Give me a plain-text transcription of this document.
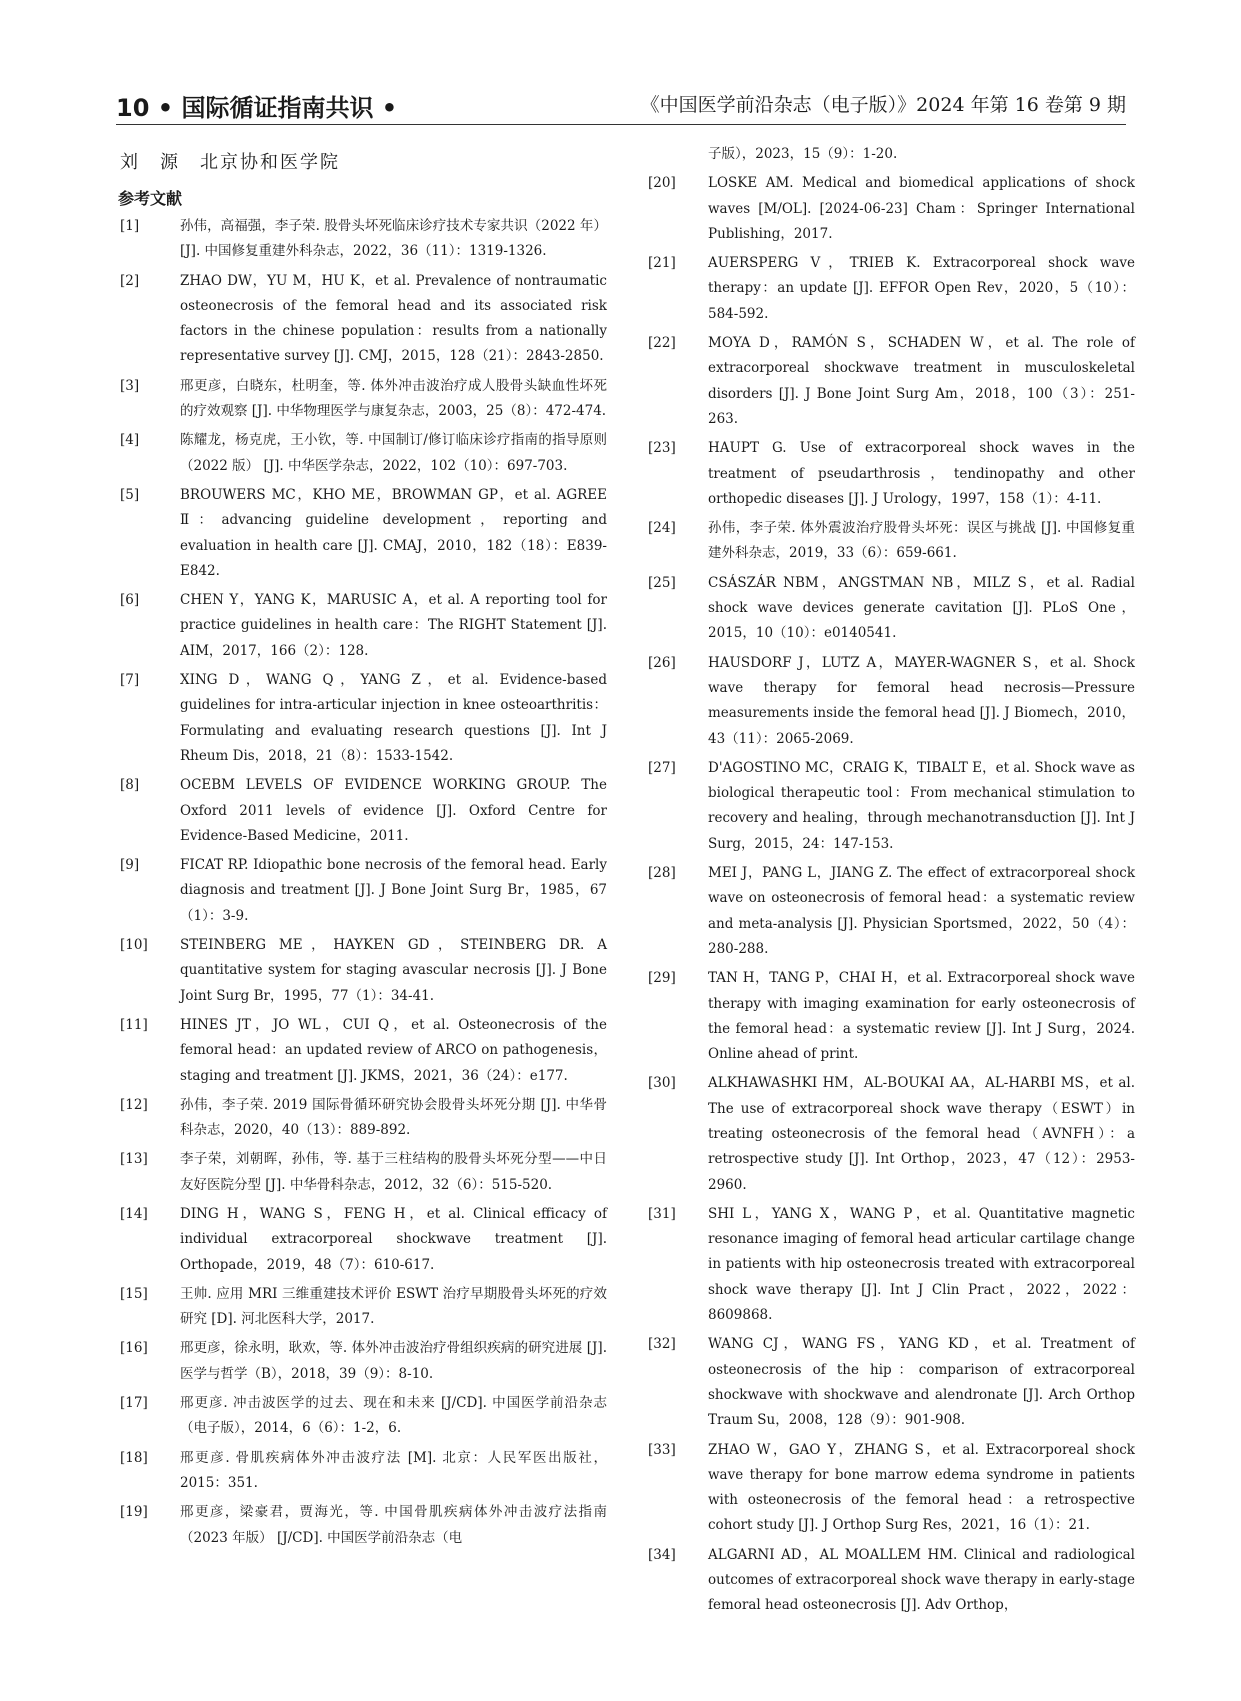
10 • 国际循证指南共识 •	《中国医学前沿杂志（电子版）》2024 年第 16 卷第 9 期
刘　源　北京协和医学院
参考文献
[1]	孙伟，高福强，李子荣. 股骨头坏死临床诊疗技术专家共识（2022 年） [J]. 中国修复重建外科杂志，2022，36（11）：1319-1326.
[2]	ZHAO DW，YU M，HU K，et al. Prevalence of nontraumatic osteonecrosis of the femoral head and its associated risk factors in the chinese population：results from a nationally representative survey [J]. CMJ，2015，128（21）：2843-2850.
[3]	邢更彦，白晓东，杜明奎，等. 体外冲击波治疗成人股骨头缺血性坏死的疗效观察 [J]. 中华物理医学与康复杂志，2003，25（8）：472-474.
[4]	陈耀龙，杨克虎，王小钦，等. 中国制订/修订临床诊疗指南的指导原则（2022 版） [J]. 中华医学杂志，2022，102（10）：697-703.
[5]	BROUWERS MC，KHO ME，BROWMAN GP，et al. AGREE Ⅱ：advancing guideline development，reporting and evaluation in health care [J]. CMAJ，2010，182（18）：E839-E842.
[6]	CHEN Y，YANG K，MARUSIC A，et al. A reporting tool for practice guidelines in health care：The RIGHT Statement [J]. AIM，2017，166（2）：128.
[7]	XING D，WANG Q，YANG Z，et al. Evidence-based guidelines for intra-articular injection in knee osteoarthritis：Formulating and evaluating research questions [J]. Int J Rheum Dis，2018，21（8）：1533-1542.
[8]	OCEBM LEVELS OF EVIDENCE WORKING GROUP. The Oxford 2011 levels of evidence [J]. Oxford Centre for Evidence-Based Medicine，2011.
[9]	FICAT RP. Idiopathic bone necrosis of the femoral head. Early diagnosis and treatment [J]. J Bone Joint Surg Br，1985，67（1）：3-9.
[10]	STEINBERG ME，HAYKEN GD，STEINBERG DR. A quantitative system for staging avascular necrosis [J]. J Bone Joint Surg Br，1995，77（1）：34-41.
[11]	HINES JT，JO WL，CUI Q，et al. Osteonecrosis of the femoral head：an updated review of ARCO on pathogenesis，staging and treatment [J]. JKMS，2021，36（24）：e177.
[12]	孙伟，李子荣. 2019 国际骨循环研究协会股骨头坏死分期 [J]. 中华骨科杂志，2020，40（13）：889-892.
[13]	李子荣，刘朝晖，孙伟，等. 基于三柱结构的股骨头坏死分型——中日友好医院分型 [J]. 中华骨科杂志，2012，32（6）：515-520.
[14]	DING H，WANG S，FENG H，et al. Clinical efficacy of individual extracorporeal shockwave treatment [J]. Orthopade，2019，48（7）：610-617.
[15]	王帅. 应用 MRI 三维重建技术评价 ESWT 治疗早期股骨头坏死的疗效研究 [D]. 河北医科大学，2017.
[16]	邢更彦，徐永明，耿欢，等. 体外冲击波治疗骨组织疾病的研究进展 [J]. 医学与哲学（B），2018，39（9）：8-10.
[17]	邢更彦. 冲击波医学的过去、现在和未来 [J/CD]. 中国医学前沿杂志（电子版），2014，6（6）：1-2，6.
[18]	邢更彦. 骨肌疾病体外冲击波疗法 [M]. 北京：人民军医出版社，2015：351.
[19]	邢更彦，梁豪君，贾海光，等. 中国骨肌疾病体外冲击波疗法指南（2023 年版） [J/CD]. 中国医学前沿杂志（电
子版），2023，15（9）：1-20.
[20]	LOSKE AM. Medical and biomedical applications of shock waves [M/OL]. [2024-06-23] Cham：Springer International Publishing，2017.
[21]	AUERSPERG V，TRIEB K. Extracorporeal shock wave therapy：an update [J]. EFFOR Open Rev，2020，5（10）：584-592.
[22]	MOYA D，RAMÓN S，SCHADEN W，et al. The role of extracorporeal shockwave treatment in musculoskeletal disorders [J]. J Bone Joint Surg Am，2018，100（3）：251-263.
[23]	HAUPT G. Use of extracorporeal shock waves in the treatment of pseudarthrosis，tendinopathy and other orthopedic diseases [J]. J Urology，1997，158（1）：4-11.
[24]	孙伟，李子荣. 体外震波治疗股骨头坏死：误区与挑战 [J]. 中国修复重建外科杂志，2019，33（6）：659-661.
[25]	CSÁSZÁR NBM，ANGSTMAN NB，MILZ S，et al. Radial shock wave devices generate cavitation [J]. PLoS One，2015，10（10）：e0140541.
[26]	HAUSDORF J，LUTZ A，MAYER-WAGNER S，et al. Shock wave therapy for femoral head necrosis—Pressure measurements inside the femoral head [J]. J Biomech，2010，43（11）：2065-2069.
[27]	D'AGOSTINO MC，CRAIG K，TIBALT E，et al. Shock wave as biological therapeutic tool：From mechanical stimulation to recovery and healing，through mechanotransduction [J]. Int J Surg，2015，24：147-153.
[28]	MEI J，PANG L，JIANG Z. The effect of extracorporeal shock wave on osteonecrosis of femoral head：a systematic review and meta-analysis [J]. Physician Sportsmed，2022，50（4）：280-288.
[29]	TAN H，TANG P，CHAI H，et al. Extracorporeal shock wave therapy with imaging examination for early osteonecrosis of the femoral head：a systematic review [J]. Int J Surg，2024. Online ahead of print.
[30]	ALKHAWASHKI HM，AL-BOUKAI AA，AL-HARBI MS，et al. The use of extracorporeal shock wave therapy（ESWT）in treating osteonecrosis of the femoral head（AVNFH）：a retrospective study [J]. Int Orthop，2023，47（12）：2953-2960.
[31]	SHI L，YANG X，WANG P，et al. Quantitative magnetic resonance imaging of femoral head articular cartilage change in patients with hip osteonecrosis treated with extracorporeal shock wave therapy [J]. Int J Clin Pract，2022，2022：8609868.
[32]	WANG CJ，WANG FS，YANG KD，et al. Treatment of osteonecrosis of the hip：comparison of extracorporeal shockwave with shockwave and alendronate [J]. Arch Orthop Traum Su，2008，128（9）：901-908.
[33]	ZHAO W，GAO Y，ZHANG S，et al. Extracorporeal shock wave therapy for bone marrow edema syndrome in patients with osteonecrosis of the femoral head：a retrospective cohort study [J]. J Orthop Surg Res，2021，16（1）：21.
[34]	ALGARNI AD，AL MOALLEM HM. Clinical and radiological outcomes of extracorporeal shock wave therapy in early-stage femoral head osteonecrosis [J]. Adv Orthop，
